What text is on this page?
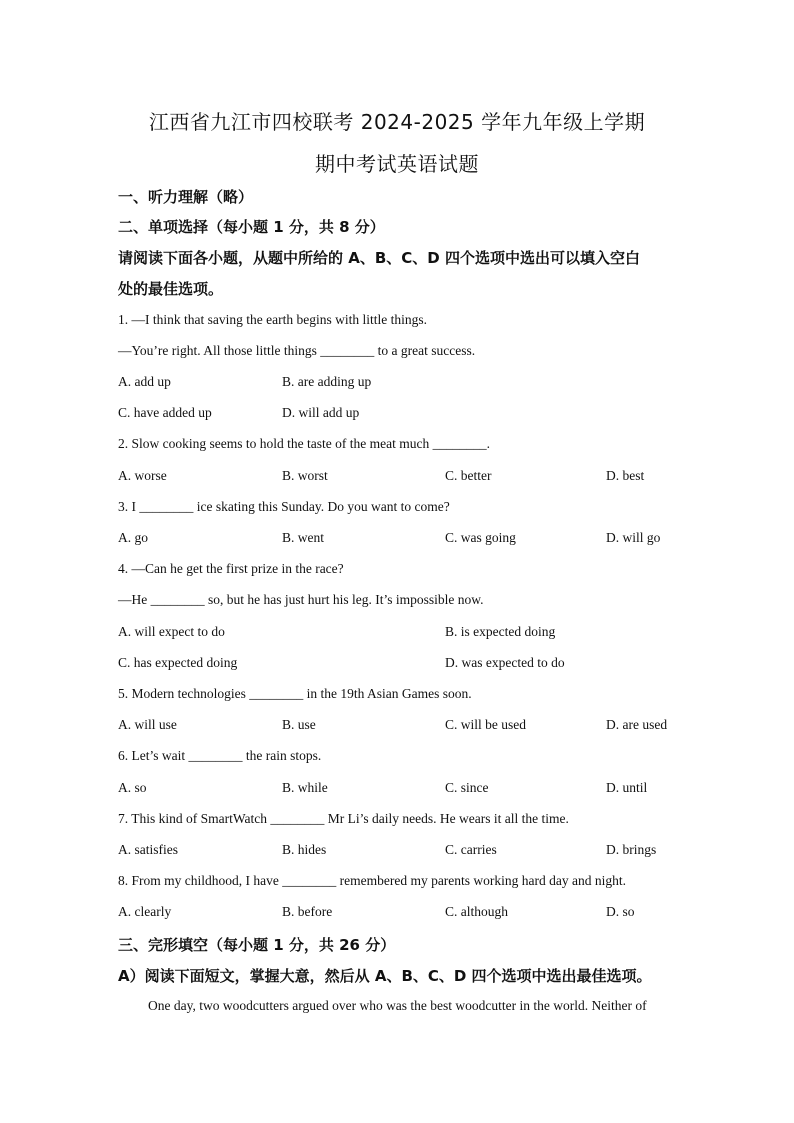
江西省九江市四校联考 2024-2025 学年九年级上学期
期中考试英语试题
一、听力理解（略）
二、单项选择（每小题 1 分，共 8 分）
请阅读下面各小题，从题中所给的 A、B、C、D 四个选项中选出可以填入空白
处的最佳选项。
1. —I think that saving the earth begins with little things.
—You’re right. All those little things ________ to a great success.
A. add up	B. are adding up
C. have added up	D. will add up
2. Slow cooking seems to hold the taste of the meat much ________.
A. worse	B. worst	C. better	D. best
3. I ________ ice skating this Sunday. Do you want to come?
A. go	B. went	C. was going	D. will go
4. —Can he get the first prize in the race?
—He ________ so, but he has just hurt his leg. It’s impossible now.
A. will expect to do	B. is expected doing
C. has expected doing	D. was expected to do
5. Modern technologies ________ in the 19th Asian Games soon.
A. will use	B. use	C. will be used	D. are used
6. Let’s wait ________ the rain stops.
A. so	B. while	C. since	D. until
7. This kind of SmartWatch ________ Mr Li’s daily needs. He wears it all the time.
A. satisfies	B. hides	C. carries	D. brings
8. From my childhood, I have ________ remembered my parents working hard day and night.
A. clearly	B. before	C. although	D. so
三、完形填空（每小题 1 分，共 26 分）
A）阅读下面短文，掌握大意，然后从 A、B、C、D 四个选项中选出最佳选项。
One day, two woodcutters argued over who was the best woodcutter in the world. Neither of
